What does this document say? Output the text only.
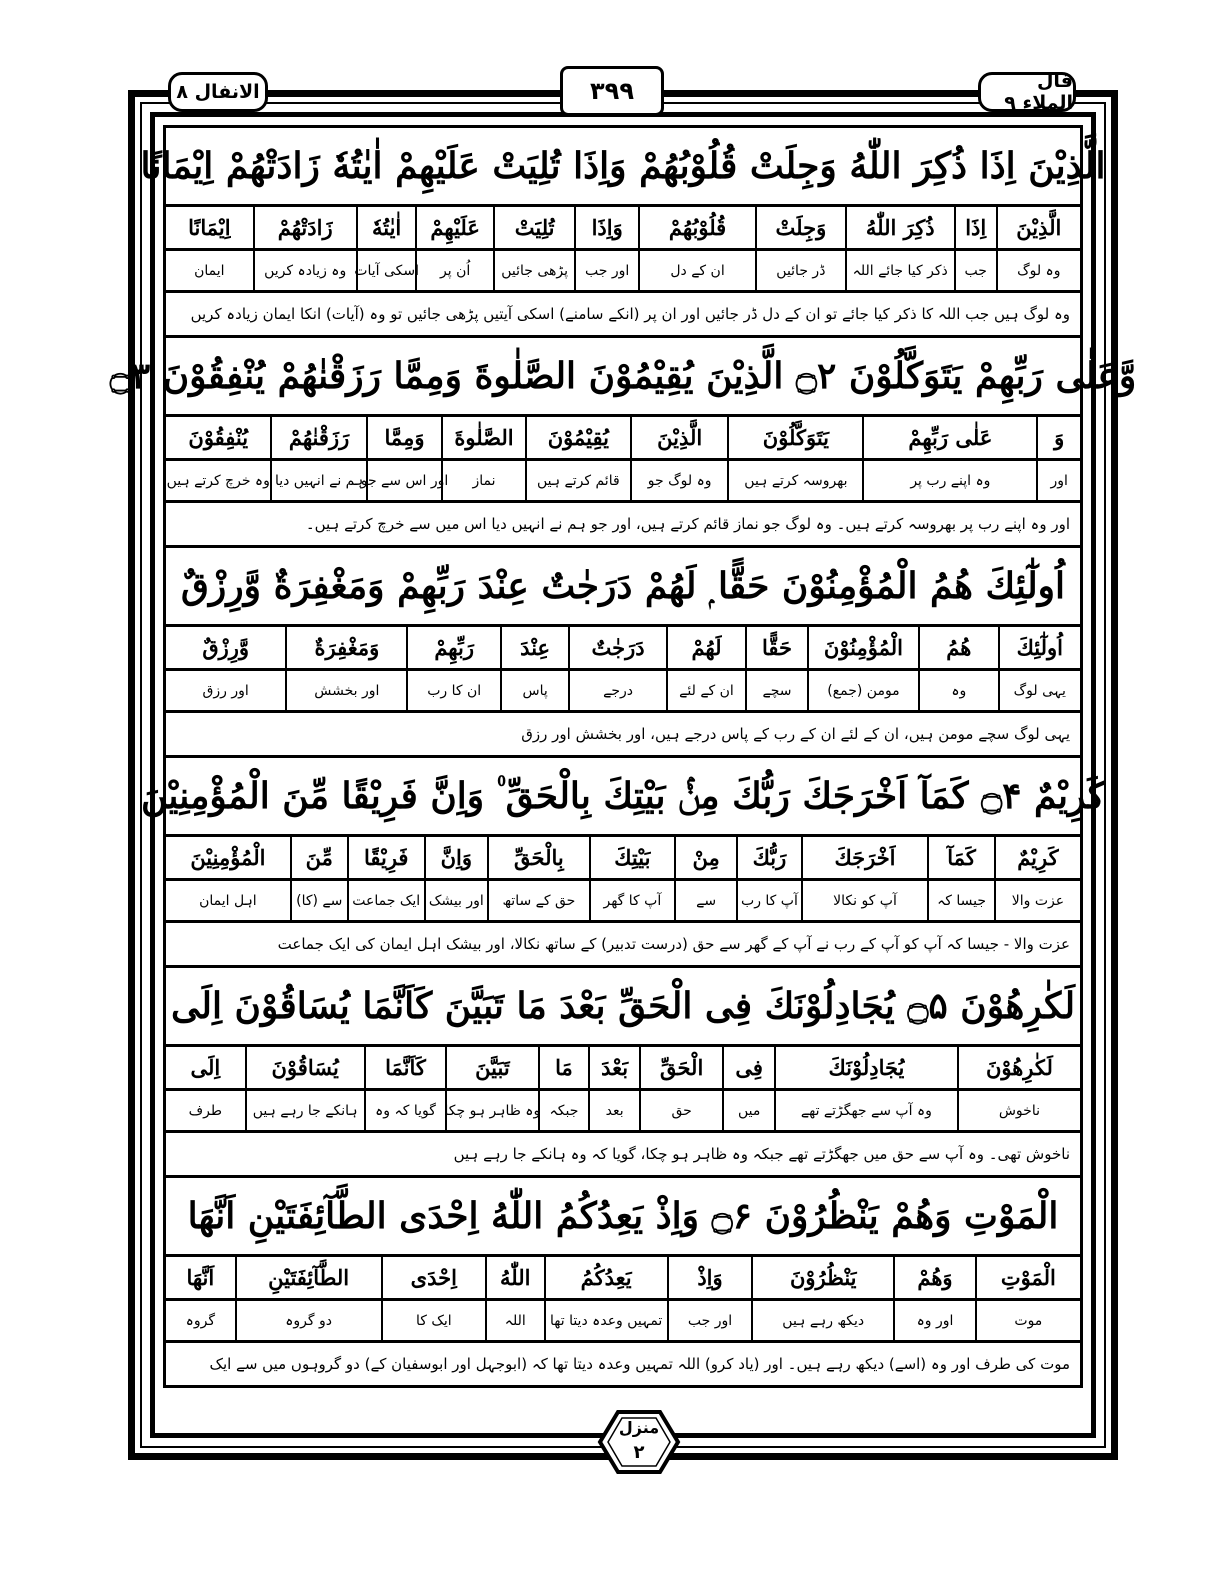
الانفال ٨	۳۹۹	قال الملاء ٩
الَّذِيْنَ اِذَا ذُكِرَ اللّٰهُ وَجِلَتْ قُلُوْبُهُمْ وَاِذَا تُلِيَتْ عَلَيْهِمْ اٰيٰتُهٗ زَادَتْهُمْ اِيْمَانًا
الَّذِيْنَ
اِذَا
ذُكِرَ اللّٰهُ
وَجِلَتْ
قُلُوْبُهُمْ
وَاِذَا
تُلِيَتْ
عَلَيْهِمْ
اٰيٰتُهٗ
زَادَتْهُمْ
اِيْمَانًا
وہ لوگ
جب
ذکر کیا جائے اللہ
ڈر جائیں
ان کے دل
اور جب
پڑھی جائیں
اُن پر
اسکی آیات
وہ زیادہ کریں
ایمان
وہ لوگ ہیں جب اللہ کا ذکر کیا جائے تو ان کے دل ڈر جائیں اور ان پر (انکے سامنے) اسکی آیتیں پڑھی جائیں تو وہ (آیات) انکا ایمان زیادہ کریں
وَّعَلٰى رَبِّهِمْ يَتَوَكَّلُوْنَ ۝۲ الَّذِيْنَ يُقِيْمُوْنَ الصَّلٰوةَ وَمِمَّا رَزَقْنٰهُمْ يُنْفِقُوْنَ ۝۳
وَ
عَلٰى رَبِّهِمْ
يَتَوَكَّلُوْنَ
الَّذِيْنَ
يُقِيْمُوْنَ
الصَّلٰوةَ
وَمِمَّا
رَزَقْنٰهُمْ
يُنْفِقُوْنَ
اور
وہ اپنے رب پر
بھروسہ کرتے ہیں
وہ لوگ جو
قائم کرتے ہیں
نماز
اور اس سے جو
ہم نے انہیں دیا
وہ خرچ کرتے ہیں
اور وہ اپنے رب پر بھروسہ کرتے ہیں۔ وہ لوگ جو نماز قائم کرتے ہیں، اور جو ہم نے انہیں دیا اس میں سے خرچ کرتے ہیں۔
اُولٰٓئِكَ هُمُ الْمُؤْمِنُوْنَ حَقًّا ۭ لَهُمْ دَرَجٰتٌ عِنْدَ رَبِّهِمْ وَمَغْفِرَةٌ وَّرِزْقٌ
اُولٰٓئِكَ
هُمُ
الْمُؤْمِنُوْنَ
حَقًّا
لَهُمْ
دَرَجٰتٌ
عِنْدَ
رَبِّهِمْ
وَمَغْفِرَةٌ
وَّرِزْقٌ
یہی لوگ
وہ
مومن (جمع)
سچے
ان کے لئے
درجے
پاس
ان کا رب
اور بخشش
اور رزق
یہی لوگ سچے مومن ہیں، ان کے لئے ان کے رب کے پاس درجے ہیں، اور بخشش اور رزق
كَرِيْمٌ ۝۴ كَمَآ اَخْرَجَكَ رَبُّكَ مِنْۢ بَيْتِكَ بِالْحَقِّ ۠ وَاِنَّ فَرِيْقًا مِّنَ الْمُؤْمِنِيْنَ
كَرِيْمٌ
كَمَآ
اَخْرَجَكَ
رَبُّكَ
مِنْ
بَيْتِكَ
بِالْحَقِّ
وَاِنَّ
فَرِيْقًا
مِّنَ
الْمُؤْمِنِيْنَ
عزت والا
جیسا کہ
آپ کو نکالا
آپ کا رب
سے
آپ کا گھر
حق کے ساتھ
اور بیشک
ایک جماعت
سے (کا)
اہل ایمان
عزت والا - جیسا کہ آپ کو آپ کے رب نے آپ کے گھر سے حق (درست تدبیر) کے ساتھ نکالا، اور بیشک اہل ایمان کی ایک جماعت
لَكٰرِهُوْنَ ۝۵ يُجَادِلُوْنَكَ فِى الْحَقِّ بَعْدَ مَا تَبَيَّنَ كَاَنَّمَا يُسَاقُوْنَ اِلَى
لَكٰرِهُوْنَ
يُجَادِلُوْنَكَ
فِى
الْحَقِّ
بَعْدَ
مَا
تَبَيَّنَ
كَاَنَّمَا
يُسَاقُوْنَ
اِلَى
ناخوش
وہ آپ سے جھگڑتے تھے
میں
حق
بعد
جبکہ
وہ ظاہر ہو چکا
گویا کہ وہ
ہانکے جا رہے ہیں
طرف
ناخوش تھی۔ وہ آپ سے حق میں جھگڑتے تھے جبکہ وہ ظاہر ہو چکا، گویا کہ وہ ہانکے جا رہے ہیں
الْمَوْتِ وَهُمْ يَنْظُرُوْنَ ۝۶ وَاِذْ يَعِدُكُمُ اللّٰهُ اِحْدَى الطَّآئِفَتَيْنِ اَنَّهَا
الْمَوْتِ
وَهُمْ
يَنْظُرُوْنَ
وَاِذْ
يَعِدُكُمُ
اللّٰهُ
اِحْدَى
الطَّآئِفَتَيْنِ
اَنَّهَا
موت
اور وہ
دیکھ رہے ہیں
اور جب
تمہیں وعدہ دیتا تھا
اللہ
ایک کا
دو گروہ
گروہ
موت کی طرف اور وہ (اسے) دیکھ رہے ہیں۔ اور (یاد کرو) اللہ تمہیں وعدہ دیتا تھا کہ (ابوجہل اور ابوسفیان کے) دو گروہوں میں سے ایک
منزل
۲
